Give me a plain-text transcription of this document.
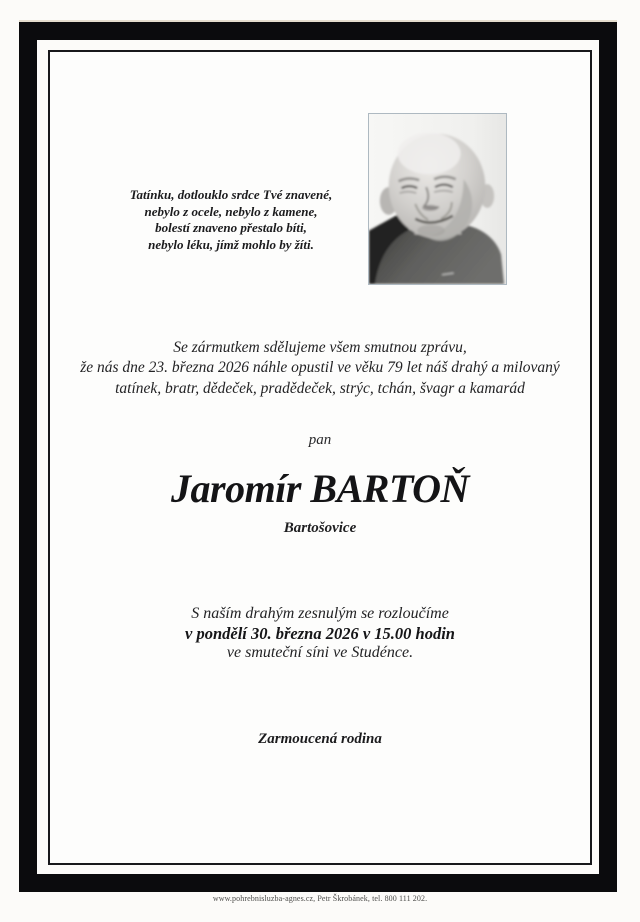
Tatínku, dotlouklo srdce Tvé znavené,
nebylo z ocele, nebylo z kamene,
bolestí znaveno přestalo bíti,
nebylo léku, jímž mohlo by žíti.
Se zármutkem sdělujeme všem smutnou zprávu,
že nás dne 23. března 2026 náhle opustil ve věku 79 let náš drahý a milovaný
tatínek, bratr, dědeček, pradědeček, strýc, tchán, švagr a kamarád
pan
Jaromír BARTOŇ
Bartošovice
S naším drahým zesnulým se rozloučíme
v pondělí 30. března 2026 v 15.00 hodin
ve smuteční síni ve Studénce.
Zarmoucená rodina
www.pohrebnisluzba-agnes.cz, Petr Škrobánek, tel. 800 111 202.
